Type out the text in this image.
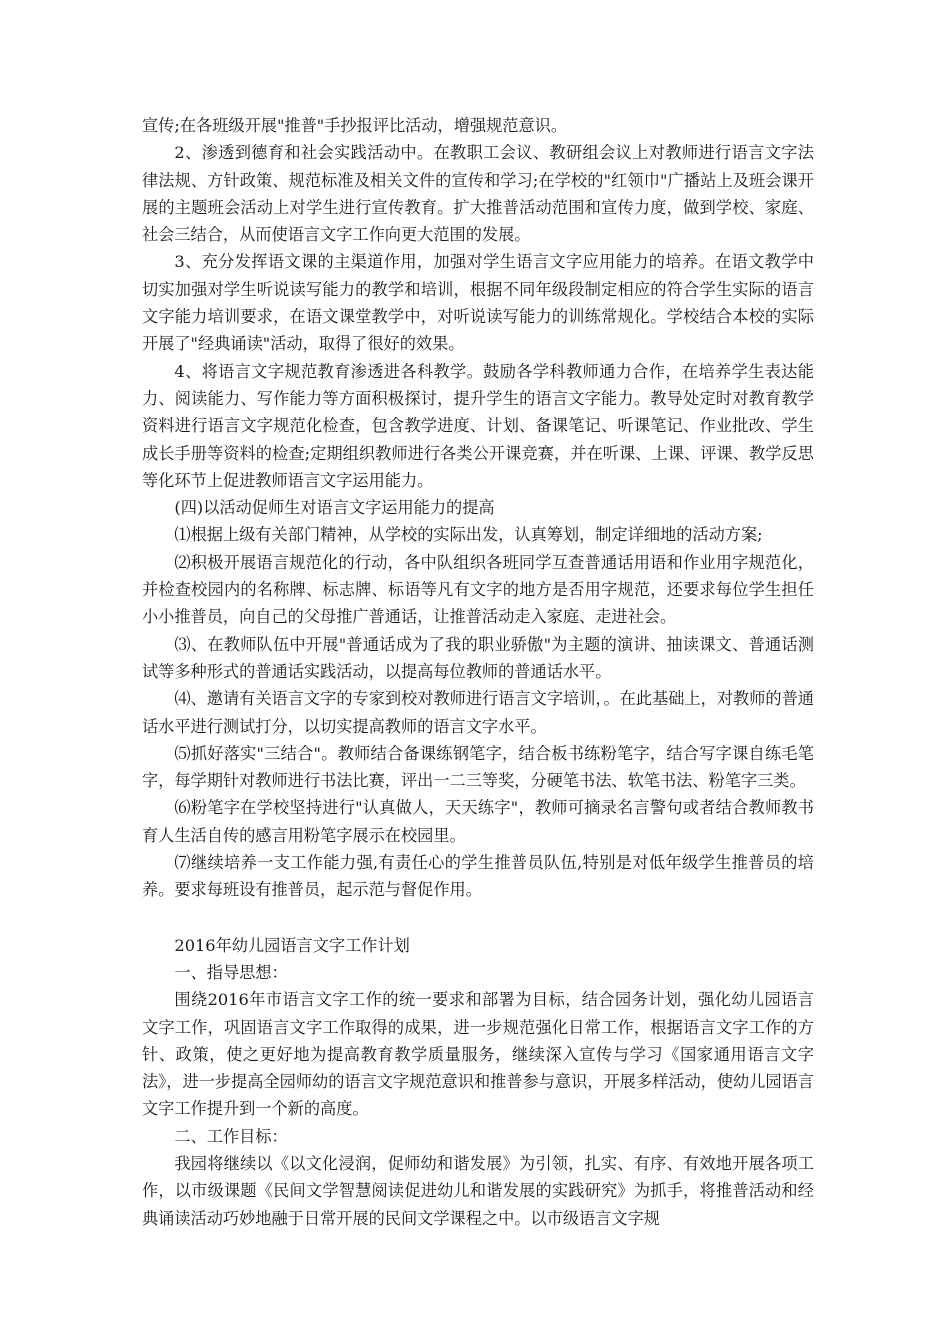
宣传;在各班级开展"推普"手抄报评比活动，增强规范意识。

2、渗透到德育和社会实践活动中。在教职工会议、教研组会议上对教师进行语言文字法律法规、方针政策、规范标准及相关文件的宣传和学习;在学校的"红领巾"广播站上及班会课开展的主题班会活动上对学生进行宣传教育。扩大推普活动范围和宣传力度，做到学校、家庭、社会三结合，从而使语言文字工作向更大范围的发展。

3、充分发挥语文课的主渠道作用，加强对学生语言文字应用能力的培养。在语文教学中切实加强对学生听说读写能力的教学和培训，根据不同年级段制定相应的符合学生实际的语言文字能力培训要求，在语文课堂教学中，对听说读写能力的训练常规化。学校结合本校的实际开展了"经典诵读"活动，取得了很好的效果。

4、将语言文字规范教育渗透进各科教学。鼓励各学科教师通力合作，在培养学生表达能力、阅读能力、写作能力等方面积极探讨，提升学生的语言文字能力。教导处定时对教育教学资料进行语言文字规范化检查，包含教学进度、计划、备课笔记、听课笔记、作业批改、学生成长手册等资料的检查;定期组织教师进行各类公开课竞赛，并在听课、上课、评课、教学反思等化环节上促进教师语言文字运用能力。

(四)以活动促师生对语言文字运用能力的提高

⑴根据上级有关部门精神，从学校的实际出发，认真筹划，制定详细地的活动方案;

⑵积极开展语言规范化的行动，各中队组织各班同学互查普通话用语和作业用字规范化，并检查校园内的名称牌、标志牌、标语等凡有文字的地方是否用字规范，还要求每位学生担任小小推普员，向自己的父母推广普通话，让推普活动走入家庭、走进社会。

⑶、在教师队伍中开展"普通话成为了我的职业骄傲"为主题的演讲、抽读课文、普通话测试等多种形式的普通话实践活动，以提高每位教师的普通话水平。

⑷、邀请有关语言文字的专家到校对教师进行语言文字培训，。在此基础上，对教师的普通话水平进行测试打分，以切实提高教师的语言文字水平。

⑸抓好落实"三结合"。教师结合备课练钢笔字，结合板书练粉笔字，结合写字课自练毛笔字，每学期针对教师进行书法比赛，评出一二三等奖，分硬笔书法、软笔书法、粉笔字三类。

⑹粉笔字在学校坚持进行"认真做人，天天练字"，教师可摘录名言警句或者结合教师教书育人生活自传的感言用粉笔字展示在校园里。

⑺继续培养一支工作能力强,有责任心的学生推普员队伍,特别是对低年级学生推普员的培养。要求每班设有推普员，起示范与督促作用。

2016年幼儿园语言文字工作计划

一、指导思想：

围绕2016年市语言文字工作的统一要求和部署为目标，结合园务计划，强化幼儿园语言文字工作，巩固语言文字工作取得的成果，进一步规范强化日常工作，根据语言文字工作的方针、政策，使之更好地为提高教育教学质量服务，继续深入宣传与学习《国家通用语言文字法》，进一步提高全园师幼的语言文字规范意识和推普参与意识，开展多样活动，使幼儿园语言文字工作提升到一个新的高度。

二、工作目标：

我园将继续以《以文化浸润，促师幼和谐发展》为引领，扎实、有序、有效地开展各项工作，以市级课题《民间文学智慧阅读促进幼儿和谐发展的实践研究》为抓手，将推普活动和经典诵读活动巧妙地融于日常开展的民间文学课程之中。以市级语言文字规
